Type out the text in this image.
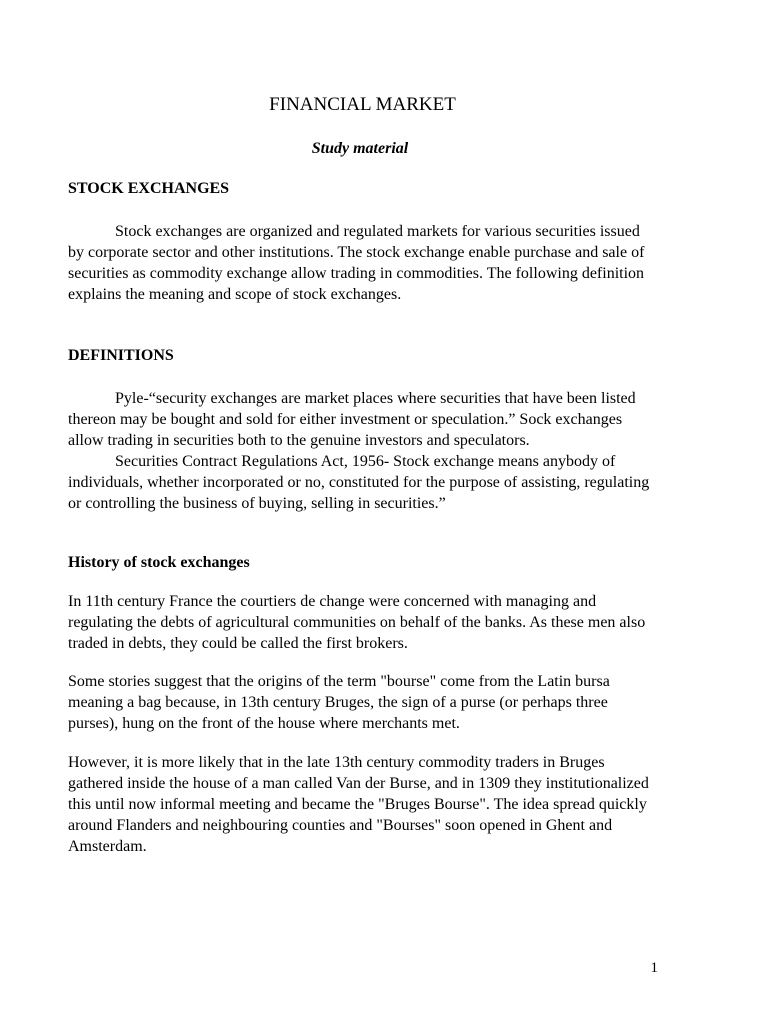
FINANCIAL MARKET

Study material

STOCK EXCHANGES

Stock exchanges are organized and regulated markets for various securities issued by corporate sector and other institutions. The stock exchange enable purchase and sale of securities as commodity exchange allow trading in commodities. The following definition explains the meaning and scope of stock exchanges.

DEFINITIONS

Pyle-“security exchanges are market places where securities that have been listed thereon may be bought and sold for either investment or speculation.” Sock exchanges allow trading in securities both to the genuine investors and speculators.

Securities Contract Regulations Act, 1956- Stock exchange means anybody of individuals, whether incorporated or no, constituted for the purpose of assisting, regulating or controlling the business of buying, selling in securities.”

History of stock exchanges

In 11th century France the courtiers de change were concerned with managing and regulating the debts of agricultural communities on behalf of the banks. As these men also traded in debts, they could be called the first brokers.

Some stories suggest that the origins of the term "bourse" come from the Latin bursa meaning a bag because, in 13th century Bruges, the sign of a purse (or perhaps three purses), hung on the front of the house where merchants met.

However, it is more likely that in the late 13th century commodity traders in Bruges gathered inside the house of a man called Van der Burse, and in 1309 they institutionalized this until now informal meeting and became the "Bruges Bourse". The idea spread quickly around Flanders and neighbouring counties and "Bourses" soon opened in Ghent and Amsterdam.

1
